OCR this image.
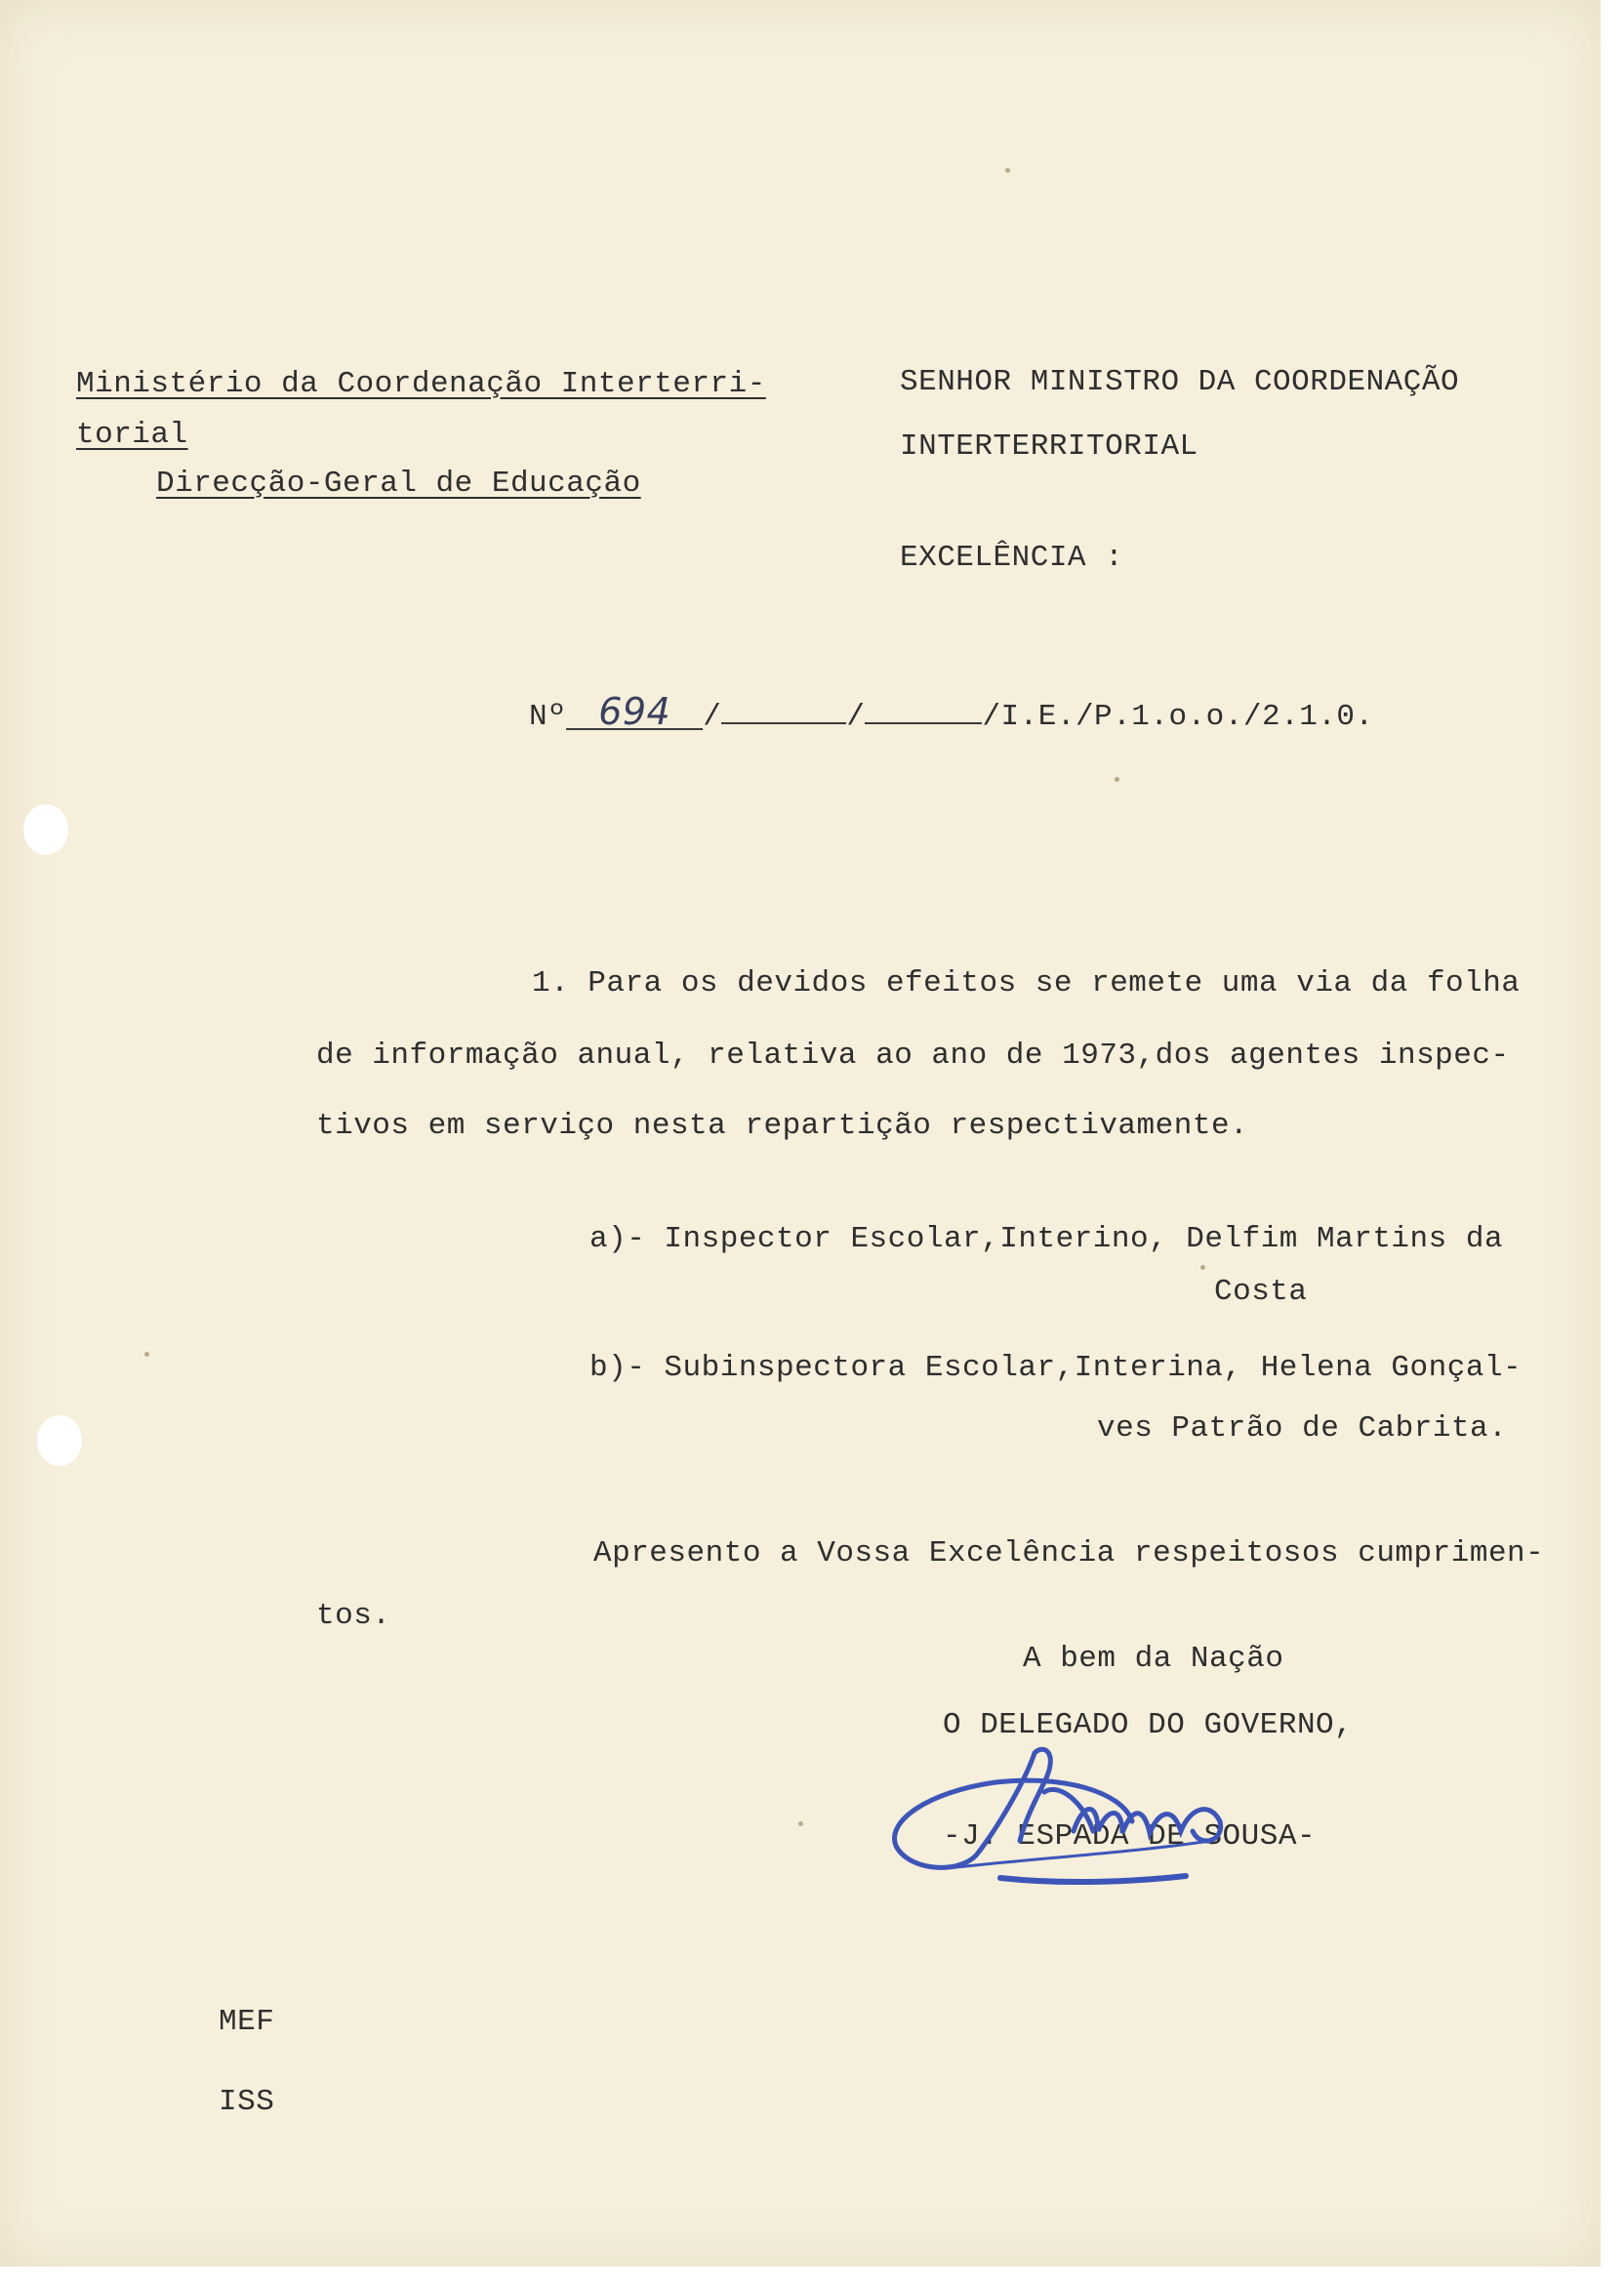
Ministério da Coordenação Interterri-
torial
Direcção-Geral de Educação
SENHOR MINISTRO DA COORDENAÇÃO
INTERTERRITORIAL
EXCELÊNCIA :
Nº 694 /	/	/I.E./P.1.o.o./2.1.0.
1. Para os devidos efeitos se remete uma via da folha
de informação anual, relativa ao ano de 1973,dos agentes inspec-
tivos em serviço nesta repartição respectivamente.
a)- Inspector Escolar,Interino, Delfim Martins da
Costa
b)- Subinspectora Escolar,Interina, Helena Gonçal-
ves Patrão de Cabrita.
Apresento a Vossa Excelência respeitosos cumprimen-
tos.
A bem da Nação
O DELEGADO DO GOVERNO,
-J. ESPADA DE SOUSA-
MEF
ISS
